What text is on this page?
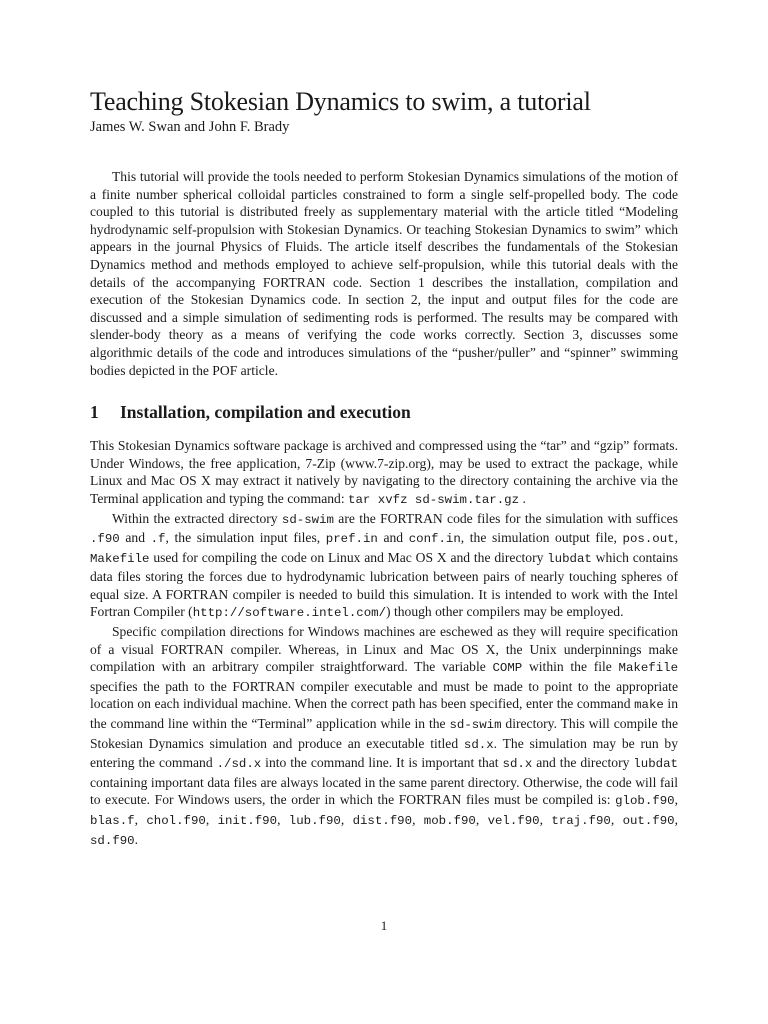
Teaching Stokesian Dynamics to swim, a tutorial

James W. Swan and John F. Brady

This tutorial will provide the tools needed to perform Stokesian Dynamics simulations of the motion of a finite number spherical colloidal particles constrained to form a single self-propelled body. The code coupled to this tutorial is distributed freely as supplementary material with the article titled “Modeling hydrodynamic self-propulsion with Stokesian Dynamics. Or teaching Stokesian Dynamics to swim” which appears in the journal Physics of Fluids. The article itself describes the fundamentals of the Stokesian Dynamics method and methods employed to achieve self-propulsion, while this tutorial deals with the details of the accompanying FORTRAN code. Section 1 describes the installation, compilation and execution of the Stokesian Dynamics code. In section 2, the input and output files for the code are discussed and a simple simulation of sedimenting rods is performed. The results may be compared with slender-body theory as a means of verifying the code works correctly. Section 3, discusses some algorithmic details of the code and introduces simulations of the “pusher/puller” and “spinner” swimming bodies depicted in the POF article.

1 Installation, compilation and execution

This Stokesian Dynamics software package is archived and compressed using the “tar” and “gzip” formats. Under Windows, the free application, 7-Zip (www.7-zip.org), may be used to extract the package, while Linux and Mac OS X may extract it natively by navigating to the directory containing the archive via the Terminal application and typing the command: tar xvfz sd-swim.tar.gz .

Within the extracted directory sd-swim are the FORTRAN code files for the simulation with suffices .f90 and .f, the simulation input files, pref.in and conf.in, the simulation output file, pos.out, Makefile used for compiling the code on Linux and Mac OS X and the directory lubdat which contains data files storing the forces due to hydrodynamic lubrication between pairs of nearly touching spheres of equal size. A FORTRAN compiler is needed to build this simulation. It is intended to work with the Intel Fortran Compiler (http://software.intel.com/) though other compilers may be employed.

Specific compilation directions for Windows machines are eschewed as they will require specification of a visual FORTRAN compiler. Whereas, in Linux and Mac OS X, the Unix underpinnings make compilation with an arbitrary compiler straightforward. The variable COMP within the file Makefile specifies the path to the FORTRAN compiler executable and must be made to point to the appropriate location on each individual machine. When the correct path has been specified, enter the command make in the command line within the “Terminal” application while in the sd-swim directory. This will compile the Stokesian Dynamics simulation and produce an executable titled sd.x. The simulation may be run by entering the command ./sd.x into the command line. It is important that sd.x and the directory lubdat containing important data files are always located in the same parent directory. Otherwise, the code will fail to execute. For Windows users, the order in which the FORTRAN files must be compiled is: glob.f90, blas.f, chol.f90, init.f90, lub.f90, dist.f90, mob.f90, vel.f90, traj.f90, out.f90, sd.f90.

1
